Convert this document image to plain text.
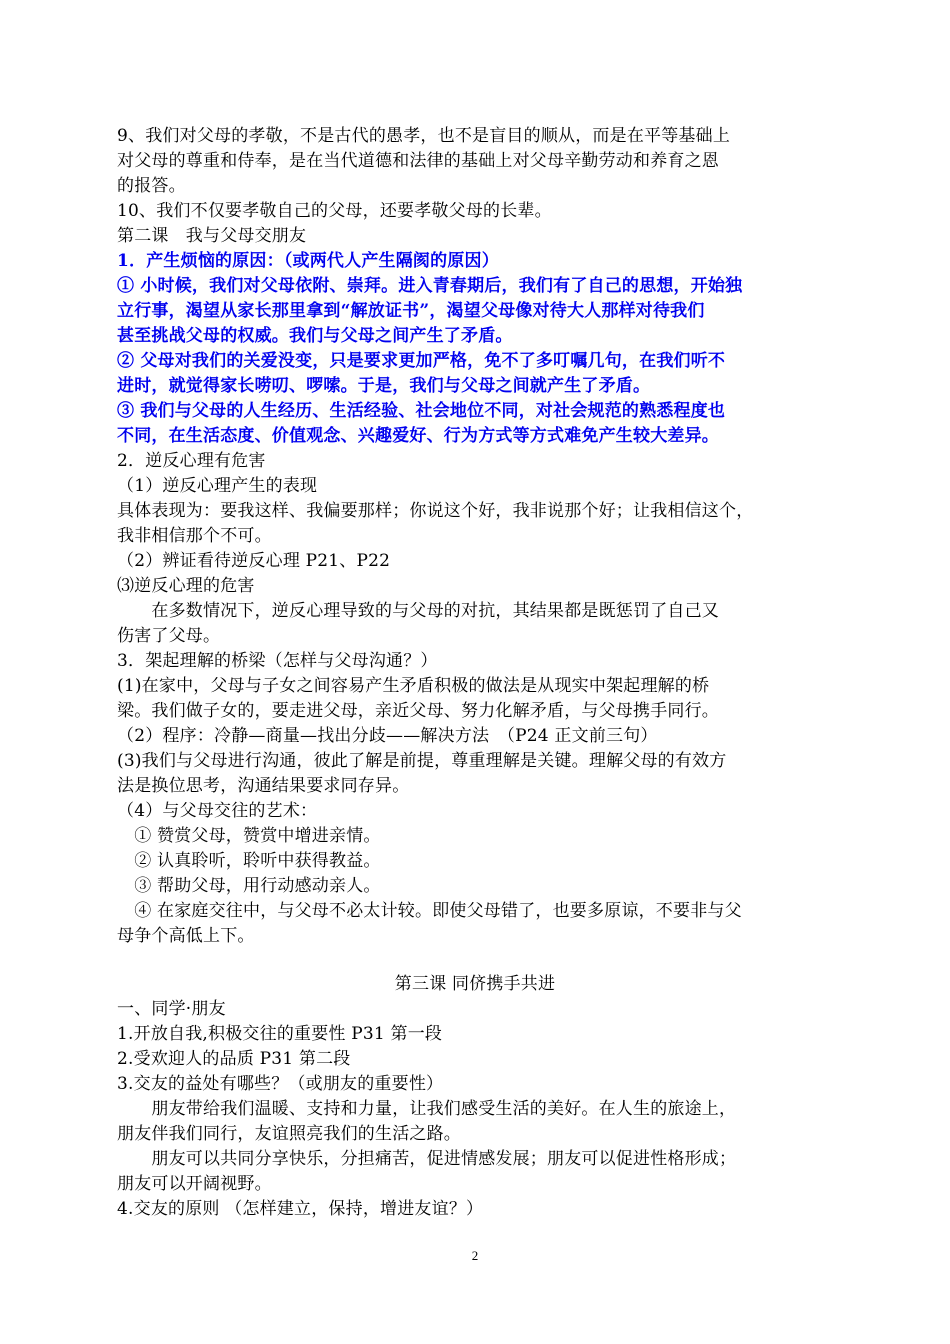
9、我们对父母的孝敬，不是古代的愚孝，也不是盲目的顺从，而是在平等基础上
对父母的尊重和侍奉，是在当代道德和法律的基础上对父母辛勤劳动和养育之恩
的报答。
10、我们不仅要孝敬自己的父母，还要孝敬父母的长辈。
第二课　我与父母交朋友
1．产生烦恼的原因：（或两代人产生隔阂的原因）
① 小时候，我们对父母依附、崇拜。进入青春期后，我们有了自己的思想，开始独
立行事，渴望从家长那里拿到“解放证书”，渴望父母像对待大人那样对待我们
甚至挑战父母的权威。我们与父母之间产生了矛盾。
② 父母对我们的关爱没变，只是要求更加严格，免不了多叮嘱几句，在我们听不
进时，就觉得家长唠叨、啰嗦。于是，我们与父母之间就产生了矛盾。
③ 我们与父母的人生经历、生活经验、社会地位不同，对社会规范的熟悉程度也
不同，在生活态度、价值观念、兴趣爱好、行为方式等方式难免产生较大差异。
2．逆反心理有危害
（1）逆反心理产生的表现
具体表现为：要我这样、我偏要那样；你说这个好，我非说那个好；让我相信这个，
我非相信那个不可。
（2）辨证看待逆反心理 P21、P22
⑶逆反心理的危害
　　在多数情况下，逆反心理导致的与父母的对抗，其结果都是既惩罚了自己又
伤害了父母。
3．架起理解的桥梁（怎样与父母沟通？）
(1)在家中，父母与子女之间容易产生矛盾积极的做法是从现实中架起理解的桥
梁。我们做子女的，要走进父母，亲近父母、努力化解矛盾，与父母携手同行。
（2）程序：冷静—商量—找出分歧——解决方法　（P24 正文前三句）
(3)我们与父母进行沟通，彼此了解是前提，尊重理解是关键。理解父母的有效方
法是换位思考，沟通结果要求同存异。
（4）与父母交往的艺术：
　① 赞赏父母，赞赏中增进亲情。
　② 认真聆听，聆听中获得教益。
　③ 帮助父母，用行动感动亲人。
　④ 在家庭交往中，与父母不必太计较。即使父母错了，也要多原谅，不要非与父
母争个高低上下。
第三课 同侪携手共进
一、同学·朋友
1.开放自我,积极交往的重要性 P31 第一段
2.受欢迎人的品质 P31 第二段
3.交友的益处有哪些？（或朋友的重要性）
　　朋友带给我们温暖、支持和力量，让我们感受生活的美好。在人生的旅途上，
朋友伴我们同行，友谊照亮我们的生活之路。
　　朋友可以共同分享快乐，分担痛苦，促进情感发展；朋友可以促进性格形成；
朋友可以开阔视野。
4.交友的原则 （怎样建立，保持，增进友谊？）
2
